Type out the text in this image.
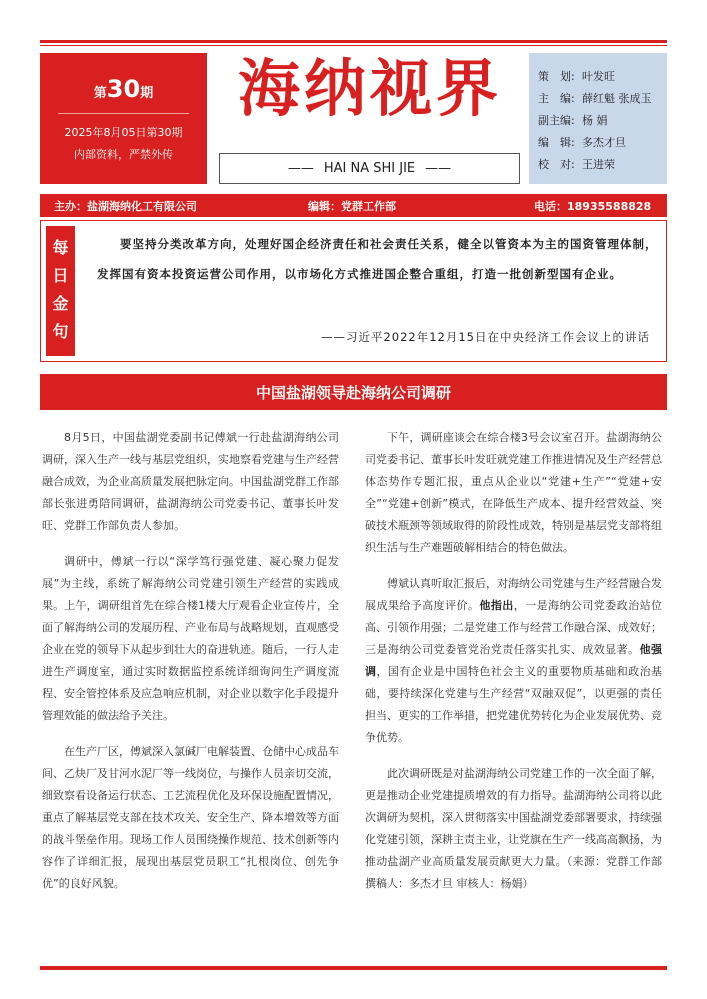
第30期
2025年8月05日第30期
内部资料，严禁外传
海纳视界
—— HAI NA SHI JIE ——
策　划: 叶发旺
主　编: 薛红魁 张成玉
副主编: 杨 娟
编　辑: 多杰才旦
校　对: 王进荣
主办：盐湖海纳化工有限公司	编辑：党群工作部	电话：18935588828
每
日
金
句
要坚持分类改革方向，处理好国企经济责任和社会责任关系，健全以管资本为主的国资管理体制，发挥国有资本投资运营公司作用，以市场化方式推进国企整合重组，打造一批创新型国有企业。
——习近平2022年12月15日在中央经济工作会议上的讲话
中国盐湖领导赴海纳公司调研

8月5日，中国盐湖党委副书记傅斌一行赴盐湖海纳公司调研，深入生产一线与基层党组织，实地察看党建与生产经营融合成效，为企业高质量发展把脉定向。中国盐湖党群工作部部长张进勇陪同调研，盐湖海纳公司党委书记、董事长叶发旺、党群工作部负责人参加。

调研中，傅斌一行以“深学笃行强党建、凝心聚力促发展”为主线，系统了解海纳公司党建引领生产经营的实践成果。上午，调研组首先在综合楼1楼大厅观看企业宣传片，全面了解海纳公司的发展历程、产业布局与战略规划，直观感受企业在党的领导下从起步到壮大的奋进轨迹。随后，一行人走进生产调度室，通过实时数据监控系统详细询问生产调度流程、安全管控体系及应急响应机制，对企业以数字化手段提升管理效能的做法给予关注。

在生产厂区，傅斌深入氯碱厂电解装置、仓储中心成品车间、乙炔厂及甘河水泥厂等一线岗位，与操作人员亲切交流，细致察看设备运行状态、工艺流程优化及环保设施配置情况，重点了解基层党支部在技术攻关、安全生产、降本增效等方面的战斗堡垒作用。现场工作人员围绕操作规范、技术创新等内容作了详细汇报，展现出基层党员职工“扎根岗位、创先争优”的良好风貌。

下午，调研座谈会在综合楼3号会议室召开。盐湖海纳公司党委书记、董事长叶发旺就党建工作推进情况及生产经营总体态势作专题汇报，重点从企业以“党建+生产”“党建+安全”“党建+创新”模式，在降低生产成本、提升经营效益、突破技术瓶颈等领域取得的阶段性成效，特别是基层党支部将组织生活与生产难题破解相结合的特色做法。

傅斌认真听取汇报后，对海纳公司党建与生产经营融合发展成果给予高度评价。他指出，一是海纳公司党委政治站位高、引领作用强；二是党建工作与经营工作融合深、成效好；三是海纳公司党委管党治党责任落实扎实、成效显著。他强调，国有企业是中国特色社会主义的重要物质基础和政治基础，要持续深化党建与生产经营“双融双促”，以更强的责任担当、更实的工作举措，把党建优势转化为企业发展优势、竞争优势。

此次调研既是对盐湖海纳公司党建工作的一次全面了解，更是推动企业党建提质增效的有力指导。盐湖海纳公司将以此次调研为契机，深入贯彻落实中国盐湖党委部署要求，持续强化党建引领，深耕主责主业，让党旗在生产一线高高飘扬，为推动盐湖产业高质量发展贡献更大力量。（来源：党群工作部　撰稿人：多杰才旦 审核人：杨娟）
